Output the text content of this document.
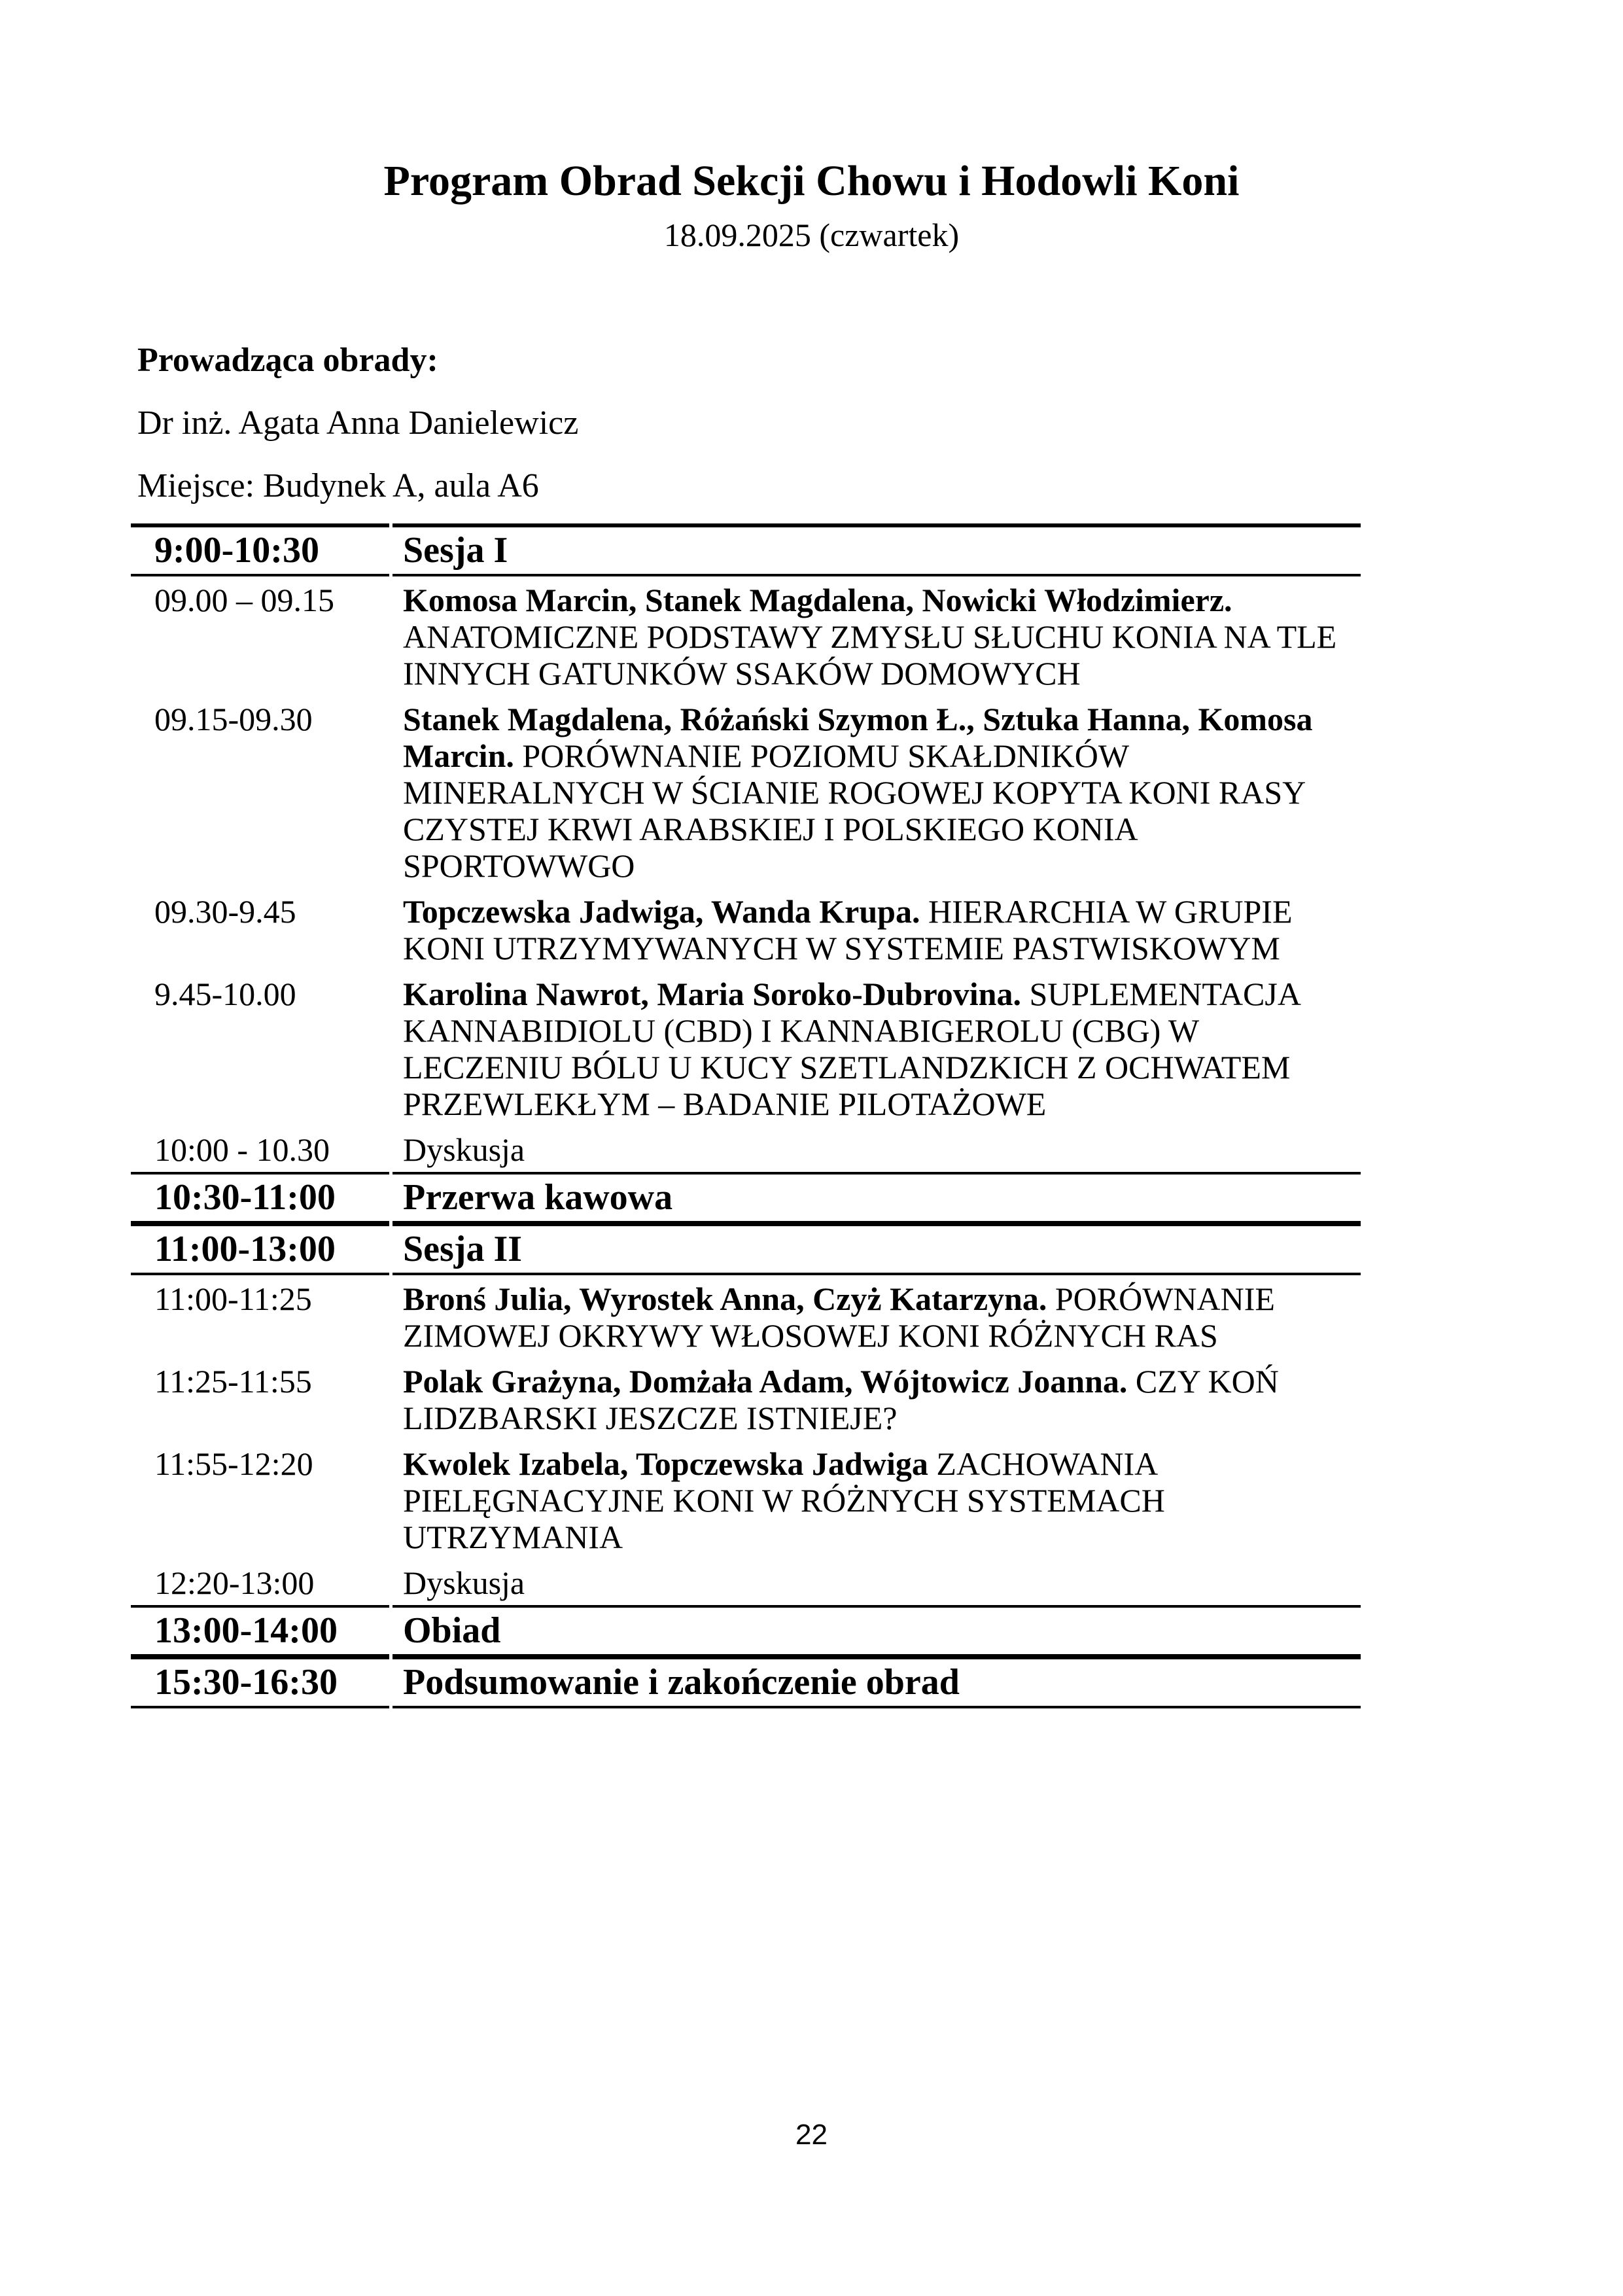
Program Obrad Sekcji Chowu i Hodowli Koni
18.09.2025 (czwartek)

Prowadząca obrady:

Dr inż. Agata Anna Danielewicz

Miejsce: Budynek A, aula A6

9:00-10:30	Sesja I
09.00 – 09.15	Komosa Marcin, Stanek Magdalena, Nowicki Włodzimierz. ANATOMICZNE PODSTAWY ZMYSŁU SŁUCHU KONIA NA TLE INNYCH GATUNKÓW SSAKÓW DOMOWYCH
09.15-09.30	Stanek Magdalena, Różański Szymon Ł., Sztuka Hanna, Komosa Marcin. PORÓWNANIE POZIOMU SKAŁDNIKÓW MINERALNYCH W ŚCIANIE ROGOWEJ KOPYTA KONI RASY CZYSTEJ KRWI ARABSKIEJ I POLSKIEGO KONIA SPORTOWWGO
09.30-9.45	Topczewska Jadwiga, Wanda Krupa. HIERARCHIA W GRUPIE KONI UTRZYMYWANYCH W SYSTEMIE PASTWISKOWYM
9.45-10.00	Karolina Nawrot, Maria Soroko-Dubrovina. SUPLEMENTACJA KANNABIDIOLU (CBD) I KANNABIGEROLU (CBG) W LECZENIU BÓLU U KUCY SZETLANDZKICH Z OCHWATEM PRZEWLEKŁYM – BADANIE PILOTAŻOWE
10:00 - 10.30	Dyskusja
10:30-11:00	Przerwa kawowa
11:00-13:00	Sesja II
11:00-11:25	Bronś Julia, Wyrostek Anna, Czyż Katarzyna. PORÓWNANIE ZIMOWEJ OKRYWY WŁOSOWEJ KONI RÓŻNYCH RAS
11:25-11:55	Polak Grażyna, Domżała Adam, Wójtowicz Joanna. CZY KOŃ LIDZBARSKI JESZCZE ISTNIEJE?
11:55-12:20	Kwolek Izabela, Topczewska Jadwiga ZACHOWANIA PIELĘGNACYJNE KONI W RÓŻNYCH SYSTEMACH UTRZYMANIA
12:20-13:00	Dyskusja
13:00-14:00	Obiad
15:30-16:30	Podsumowanie i zakończenie obrad
22
